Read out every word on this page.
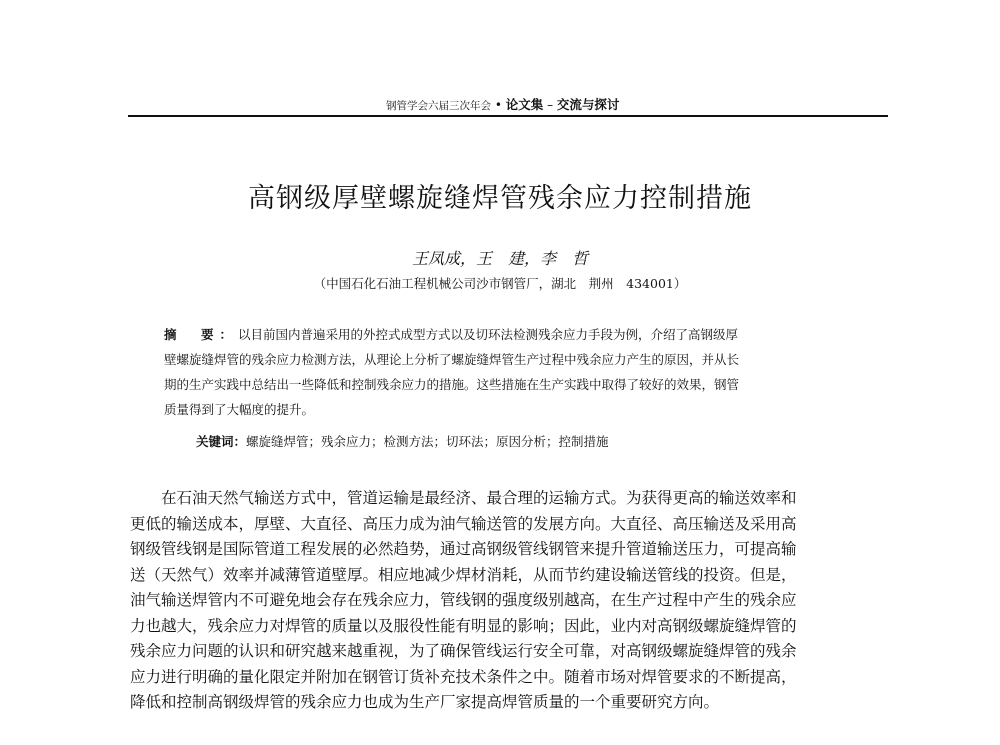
钢管学会六届三次年会 • 论文集 – 交流与探讨
高钢级厚壁螺旋缝焊管残余应力控制措施
王凤成，王　建，李　哲
（中国石化石油工程机械公司沙市钢管厂，湖北　荆州　434001）
摘　要：以目前国内普遍采用的外控式成型方式以及切环法检测残余应力手段为例，介绍了高钢级厚
壁螺旋缝焊管的残余应力检测方法，从理论上分析了螺旋缝焊管生产过程中残余应力产生的原因，并从长
期的生产实践中总结出一些降低和控制残余应力的措施。这些措施在生产实践中取得了较好的效果，钢管
质量得到了大幅度的提升。
关键词：螺旋缝焊管；残余应力；检测方法；切环法；原因分析；控制措施
在石油天然气输送方式中，管道运输是最经济、最合理的运输方式。为获得更高的输送效率和
更低的输送成本，厚壁、大直径、高压力成为油气输送管的发展方向。大直径、高压输送及采用高
钢级管线钢是国际管道工程发展的必然趋势，通过高钢级管线钢管来提升管道输送压力，可提高输
送（天然气）效率并减薄管道壁厚。相应地减少焊材消耗，从而节约建设输送管线的投资。但是，
油气输送焊管内不可避免地会存在残余应力，管线钢的强度级别越高，在生产过程中产生的残余应
力也越大，残余应力对焊管的质量以及服役性能有明显的影响；因此，业内对高钢级螺旋缝焊管的
残余应力问题的认识和研究越来越重视，为了确保管线运行安全可靠，对高钢级螺旋缝焊管的残余
应力进行明确的量化限定并附加在钢管订货补充技术条件之中。随着市场对焊管要求的不断提高，
降低和控制高钢级焊管的残余应力也成为生产厂家提高焊管质量的一个重要研究方向。
